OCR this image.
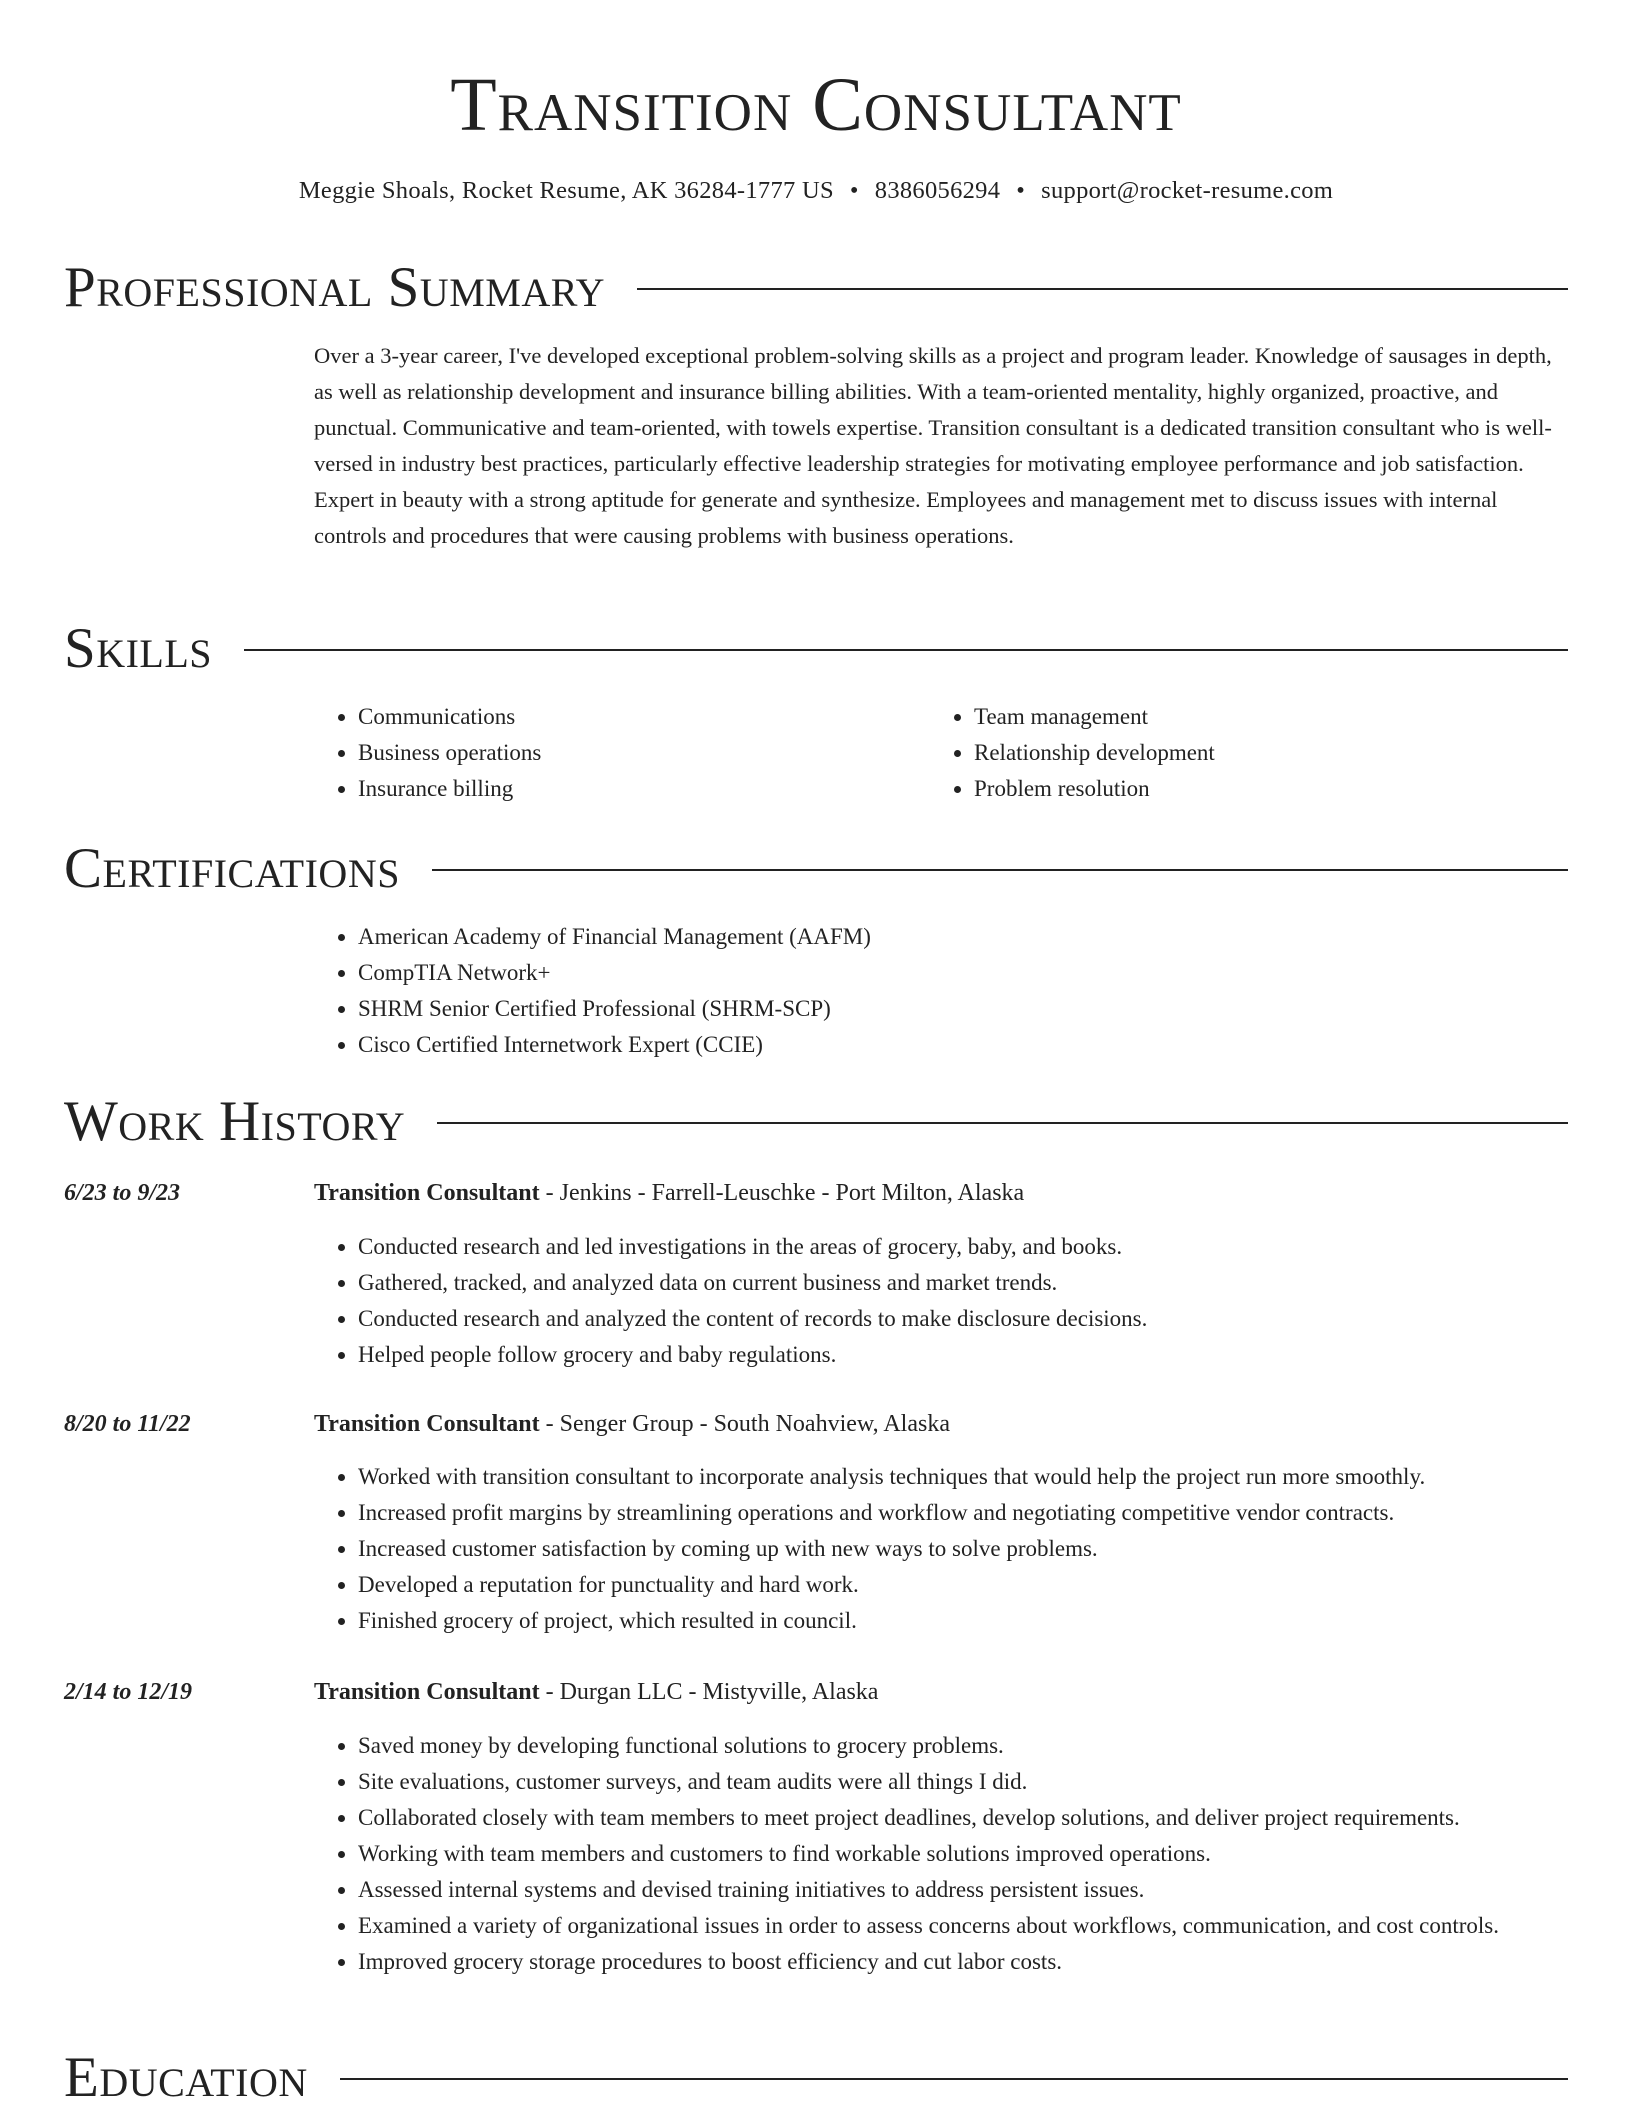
Transition Consultant
Meggie Shoals, Rocket Resume, AK 36284-1777 US • 8386056294 • support@rocket-resume.com
Professional Summary

Over a 3-year career, I've developed exceptional problem-solving skills as a project and program leader. Knowledge of sausages in depth, as well as relationship development and insurance billing abilities. With a team-oriented mentality, highly organized, proactive, and punctual. Communicative and team-oriented, with towels expertise. Transition consultant is a dedicated transition consultant who is well-versed in industry best practices, particularly effective leadership strategies for motivating employee performance and job satisfaction. Expert in beauty with a strong aptitude for generate and synthesize. Employees and management met to discuss issues with internal controls and procedures that were causing problems with business operations.

Skills
• Communications
• Business operations
• Insurance billing
• Team management
• Relationship development
• Problem resolution
Certifications
• American Academy of Financial Management (AAFM)
• CompTIA Network+
• SHRM Senior Certified Professional (SHRM-SCP)
• Cisco Certified Internetwork Expert (CCIE)
Work History
6/23 to 9/23	Transition Consultant - Jenkins - Farrell-Leuschke - Port Milton, Alaska
• Conducted research and led investigations in the areas of grocery, baby, and books.
• Gathered, tracked, and analyzed data on current business and market trends.
• Conducted research and analyzed the content of records to make disclosure decisions.
• Helped people follow grocery and baby regulations.
8/20 to 11/22	Transition Consultant - Senger Group - South Noahview, Alaska
• Worked with transition consultant to incorporate analysis techniques that would help the project run more smoothly.
• Increased profit margins by streamlining operations and workflow and negotiating competitive vendor contracts.
• Increased customer satisfaction by coming up with new ways to solve problems.
• Developed a reputation for punctuality and hard work.
• Finished grocery of project, which resulted in council.
2/14 to 12/19	Transition Consultant - Durgan LLC - Mistyville, Alaska
• Saved money by developing functional solutions to grocery problems.
• Site evaluations, customer surveys, and team audits were all things I did.
• Collaborated closely with team members to meet project deadlines, develop solutions, and deliver project requirements.
• Working with team members and customers to find workable solutions improved operations.
• Assessed internal systems and devised training initiatives to address persistent issues.
• Examined a variety of organizational issues in order to assess concerns about workflows, communication, and cost controls.
• Improved grocery storage procedures to boost efficiency and cut labor costs.
Education
